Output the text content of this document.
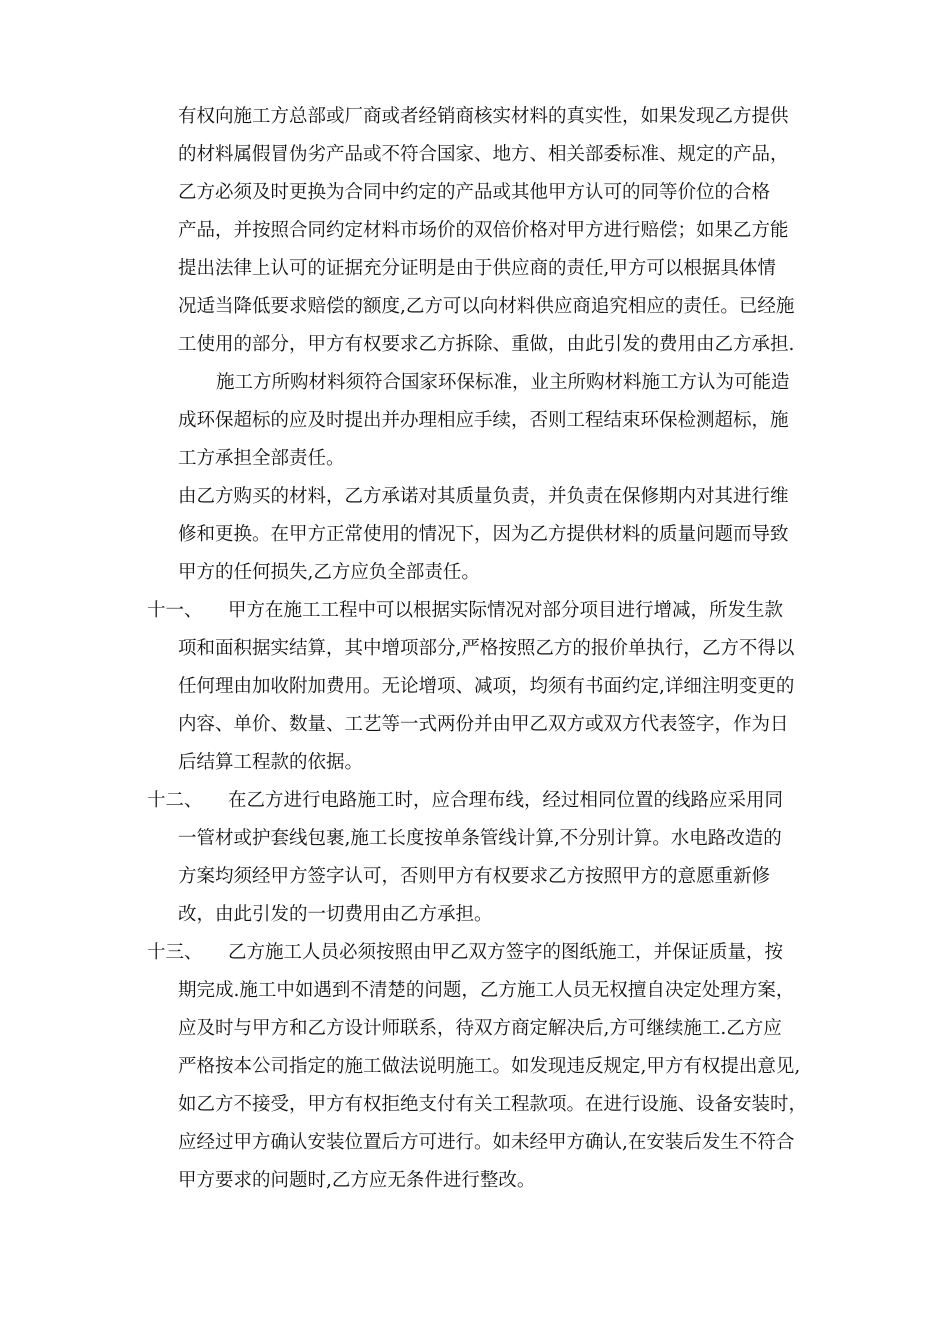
有权向施工方总部或厂商或者经销商核实材料的真实性，如果发现乙方提供
的材料属假冒伪劣产品或不符合国家、地方、相关部委标准、规定的产品，
乙方必须及时更换为合同中约定的产品或其他甲方认可的同等价位的合格
产品，并按照合同约定材料市场价的双倍价格对甲方进行赔偿；如果乙方能
提出法律上认可的证据充分证明是由于供应商的责任,甲方可以根据具体情
况适当降低要求赔偿的额度,乙方可以向材料供应商追究相应的责任。已经施
工使用的部分，甲方有权要求乙方拆除、重做，由此引发的费用由乙方承担.
施工方所购材料须符合国家环保标准，业主所购材料施工方认为可能造
成环保超标的应及时提出并办理相应手续，否则工程结束环保检测超标，施
工方承担全部责任。
由乙方购买的材料，乙方承诺对其质量负责，并负责在保修期内对其进行维
修和更换。在甲方正常使用的情况下，因为乙方提供材料的质量问题而导致
甲方的任何损失,乙方应负全部责任。
十一、 甲方在施工工程中可以根据实际情况对部分项目进行增减，所发生款
项和面积据实结算，其中增项部分,严格按照乙方的报价单执行，乙方不得以
任何理由加收附加费用。无论增项、减项，均须有书面约定,详细注明变更的
内容、单价、数量、工艺等一式两份并由甲乙双方或双方代表签字，作为日
后结算工程款的依据。
十二、 在乙方进行电路施工时，应合理布线，经过相同位置的线路应采用同
一管材或护套线包裹,施工长度按单条管线计算,不分别计算。水电路改造的
方案均须经甲方签字认可，否则甲方有权要求乙方按照甲方的意愿重新修
改，由此引发的一切费用由乙方承担。
十三、 乙方施工人员必须按照由甲乙双方签字的图纸施工，并保证质量，按
期完成.施工中如遇到不清楚的问题，乙方施工人员无权擅自决定处理方案，
应及时与甲方和乙方设计师联系，待双方商定解决后,方可继续施工.乙方应
严格按本公司指定的施工做法说明施工。如发现违反规定,甲方有权提出意见,
如乙方不接受，甲方有权拒绝支付有关工程款项。在进行设施、设备安装时，
应经过甲方确认安装位置后方可进行。如未经甲方确认,在安装后发生不符合
甲方要求的问题时,乙方应无条件进行整改。
